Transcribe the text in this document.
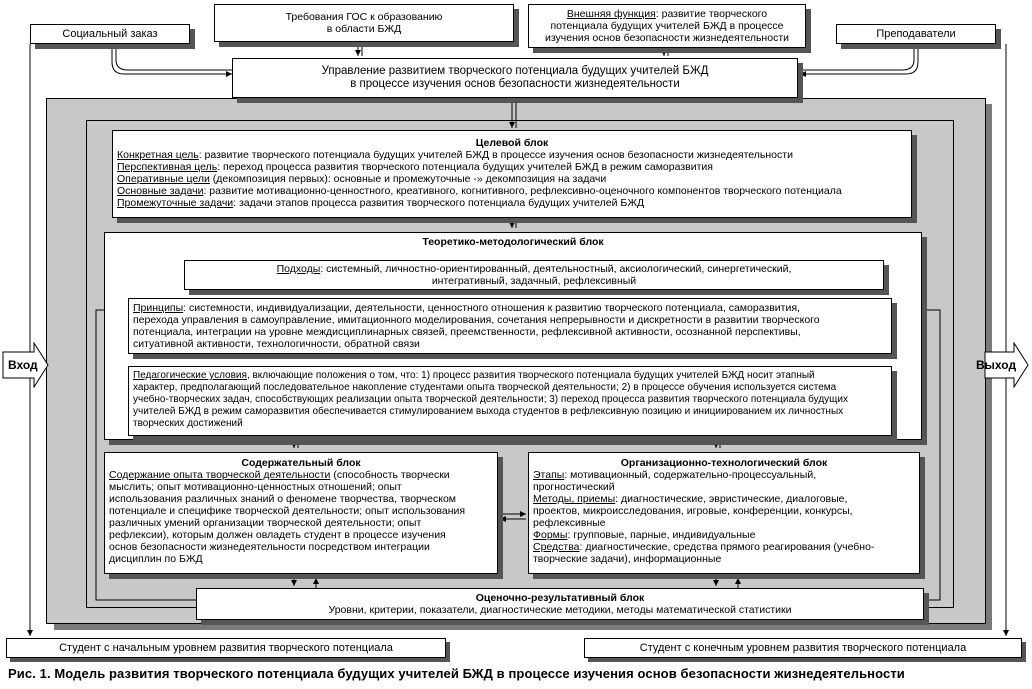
Социальный заказ
Требования ГОС к образованию
в области БЖД
Внешняя функция: развитие творческого
потенциала будущих учителей БЖД в процессе
изучения основ безопасности жизнедеятельности	Преподаватели
Управление развитием творческого потенциала будущих учителей БЖД
в процессе изучения основ безопасности жизнедеятельности

Целевой блок

Конкретная цель: развитие творческого потенциала будущих учителей БЖД в процессе изучения основ безопасности жизнедеятельности

Перспективная цель: переход процесса развития творческого потенциала будущих учителей БЖД в режим саморазвития

Оперативные цели (декомпозиция первых): основные и промежуточные -» декомпозиция на задачи

Основные задачи: развитие мотивационно-ценностного, креативного, когнитивного, рефлексивно-оценочного компонентов творческого потенциала

Промежуточные задачи: задачи этапов процесса развития творческого потенциала будущих учителей БЖД

Теоретико-методологический блок
Подходы: системный, личностно-ориентированный, деятельностный, аксиологический, синергетический,
интегративный, задачный, рефлексивный

Принципы: системности, индивидуализации, деятельности, ценностного отношения к развитию творческого потенциала, саморазвития,

перехода управления в самоуправление, имитационного моделирования, сочетания непрерывности и дискретности в развитии творческого

потенциала, интеграции на уровне междисциплинарных связей, преемственности, рефлексивной активности, осознанной перспективы,

ситуативной активности, технологичности, обратной связи

Педагогические условия, включающие положения о том, что: 1) процесс развития творческого потенциала будущих учителей БЖД носит этапный

характер, предполагающий последовательное накопление студентами опыта творческой деятельности; 2) в процессе обучения используется система

учебно-творческих задач, способствующих реализации опыта творческой деятельности; 3) переход процесса развития творческого потенциала будущих

учителей БЖД в режим саморазвития обеспечивается стимулированием выхода студентов в рефлексивную позицию и инициированием их личностных

творческих достижений

Содержательный блок

Содержание опыта творческой деятельности (способность творчески

мыслить; опыт мотивационно-ценностных отношений; опыт

использования различных знаний о феномене творчества, творческом

потенциале и специфике творческой деятельности; опыт использования

различных умений организации творческой деятельности; опыт

рефлексии), которым должен овладеть студент в процессе изучения

основ безопасности жизнедеятельности посредством интеграции

дисциплин по БЖД

Организационно-технологический блок

Этапы: мотивационный, содержательно-процессуальный,

прогностический

Методы, приемы: диагностические, эвристические, диалоговые,

проектов, микроисследования, игровые, конференции, конкурсы,

рефлексивные

Формы: групповые, парные, индивидуальные

Средства: диагностические, средства прямого реагирования (учебно-

творческие задачи), информационные

Оценочно-результативный блок
Уровни, критерии, показатели, диагностические методики, методы математической статистики
Вход	Выход
Студент с начальным уровнем развития творческого потенциала	Студент с конечным уровнем развития творческого потенциала
Рис. 1. Модель развития творческого потенциала будущих учителей БЖД в процессе изучения основ безопасности жизнедеятельности
